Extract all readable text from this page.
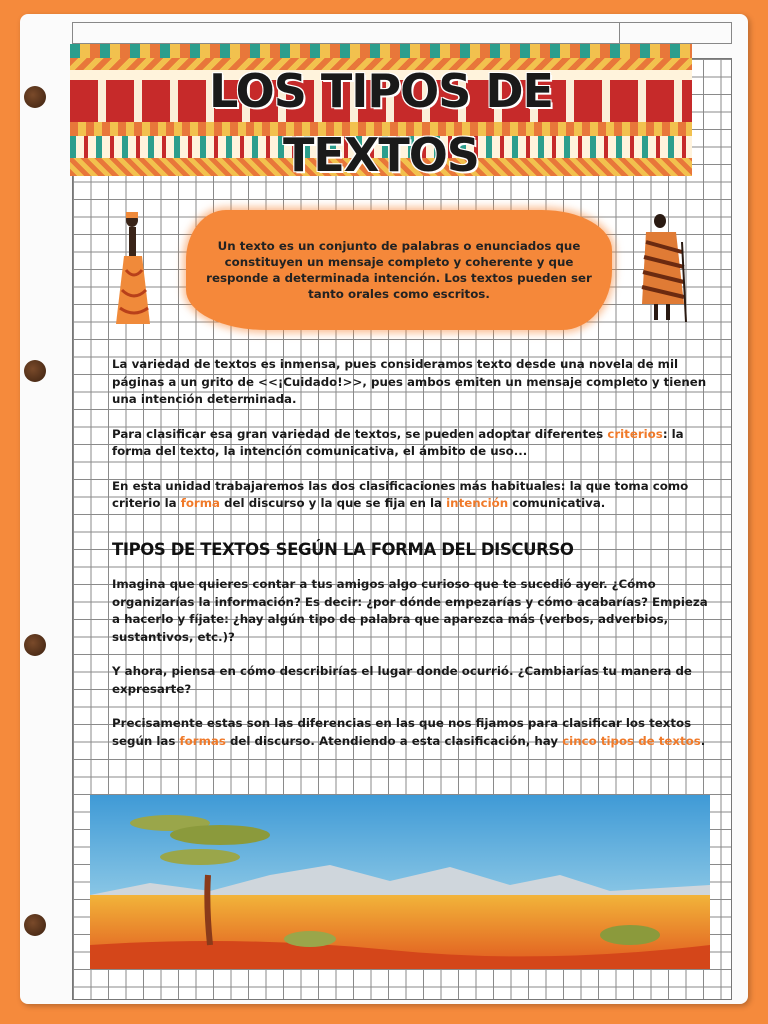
LOS TIPOS DE
TEXTOS

Un texto es un conjunto de palabras o enunciados que constituyen un mensaje completo y coherente y que responde a determinada intención. Los textos pueden ser tanto orales como escritos.

La variedad de textos es inmensa, pues consideramos texto desde una novela de mil páginas a un grito de <<¡Cuidado!>>, pues ambos emiten un mensaje completo y tienen una intención determinada.

Para clasificar esa gran variedad de textos, se pueden adoptar diferentes criterios: la forma del texto, la intención comunicativa, el ámbito de uso...

En esta unidad trabajaremos las dos clasificaciones más habituales: la que toma como criterio la forma del discurso y la que se fija en la intención comunicativa.

TIPOS DE TEXTOS SEGÚN LA FORMA DEL DISCURSO

Imagina que quieres contar a tus amigos algo curioso que te sucedió ayer. ¿Cómo organizarías la información? Es decir: ¿por dónde empezarías y cómo acabarías? Empieza a hacerlo y fíjate: ¿hay algún tipo de palabra que aparezca más (verbos, adverbios, sustantivos, etc.)?

Y ahora, piensa en cómo describirías el lugar donde ocurrió. ¿Cambiarías tu manera de expresarte?

Precisamente estas son las diferencias en las que nos fijamos para clasificar los textos según las formas del discurso. Atendiendo a esta clasificación, hay cinco tipos de textos.
